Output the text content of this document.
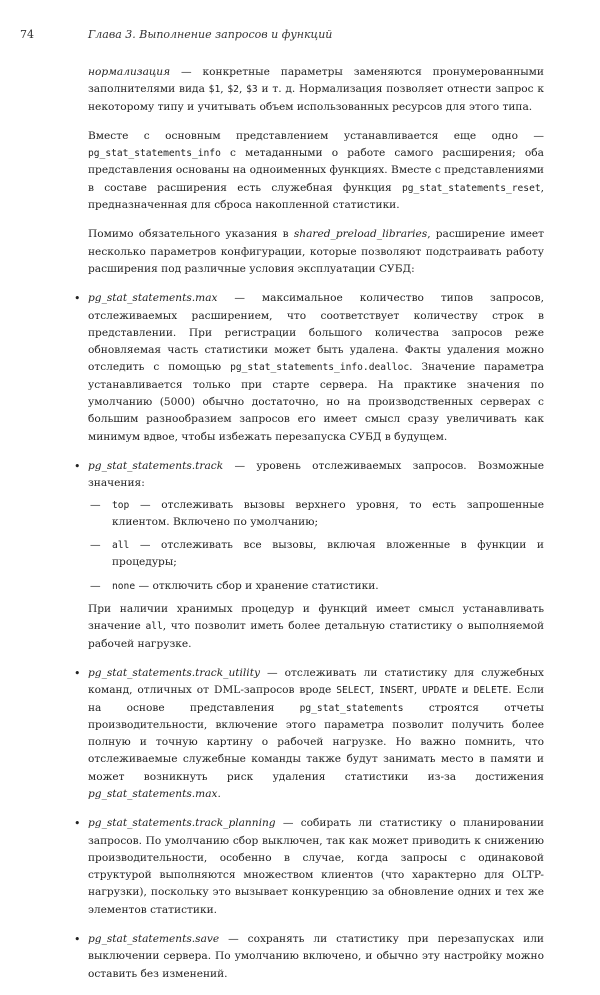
74	Глава 3. Выполнение запросов и функций

нормализация — конкретные параметры заменяются пронумерованными заполнителями вида $1, $2, $3 и т. д. Нормализация позволяет отнести запрос к некоторому типу и учитывать объем использованных ресурсов для этого типа.

Вместе с основным представлением устанавливается еще одно — pg_stat_statements_info с метаданными о работе самого расширения; оба представления основаны на одноименных функциях. Вместе с представлениями в составе расширения есть служебная функция pg_stat_statements_reset, предназначенная для сброса накопленной статистики.

Помимо обязательного указания в shared_preload_libraries, расширение имеет несколько параметров конфигурации, которые позволяют подстраивать работу расширения под различные условия эксплуатации СУБД:

• pg_stat_statements.max — максимальное количество типов запросов, отслеживаемых расширением, что соответствует количеству строк в представлении. При регистрации большого количества запросов реже обновляемая часть статистики может быть удалена. Факты удаления можно отследить с помощью pg_stat_statements_info.dealloc. Значение параметра устанавливается только при старте сервера. На практике значения по умолчанию (5000) обычно достаточно, но на производственных серверах с большим разнообразием запросов его имеет смысл сразу увеличивать как минимум вдвое, чтобы избежать перезапуска СУБД в будущем.
• pg_stat_statements.track — уровень отслеживаемых запросов. Возможные значения:
— top — отслеживать вызовы верхнего уровня, то есть запрошенные клиентом. Включено по умолчанию;
— all — отслеживать все вызовы, включая вложенные в функции и процедуры;
— none — отключить сбор и хранение статистики.
При наличии хранимых процедур и функций имеет смысл устанавливать значение all, что позволит иметь более детальную статистику о выполняемой рабочей нагрузке.
• pg_stat_statements.track_utility — отслеживать ли статистику для служебных команд, отличных от DML-запросов вроде SELECT, INSERT, UPDATE и DELETE. Если на основе представления pg_stat_statements строятся отчеты производительности, включение этого параметра позволит получить более полную и точную картину о рабочей нагрузке. Но важно помнить, что отслеживаемые служебные команды также будут занимать место в памяти и может возникнуть риск удаления статистики из-за достижения pg_stat_statements.max.
• pg_stat_statements.track_planning — собирать ли статистику о планировании запросов. По умолчанию сбор выключен, так как может приводить к снижению производительности, особенно в случае, когда запросы с одинаковой структурой выполняются множеством клиентов (что характерно для OLTP-нагрузки), поскольку это вызывает конкуренцию за обновление одних и тех же элементов статистики.
• pg_stat_statements.save — сохранять ли статистику при перезапусках или выключении сервера. По умолчанию включено, и обычно эту настройку можно оставить без изменений.
